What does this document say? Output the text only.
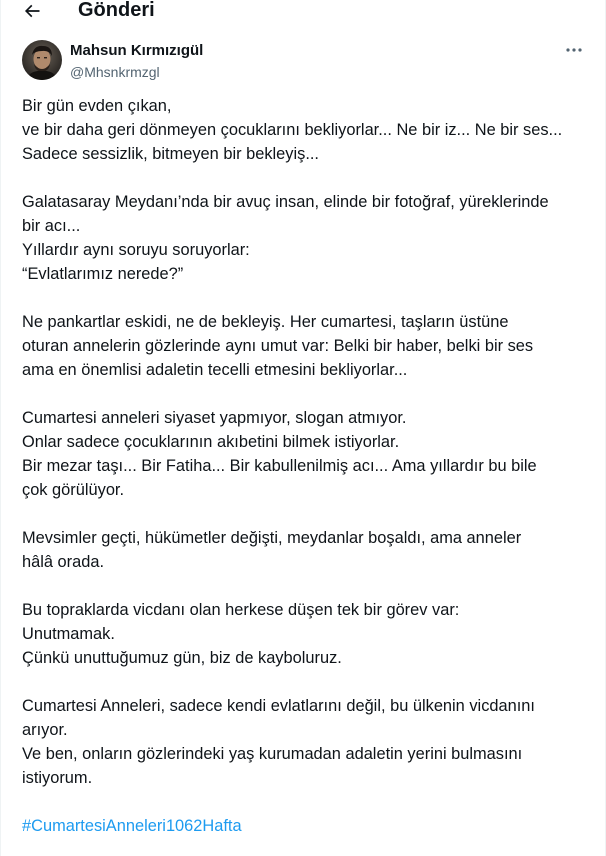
Gönderi
Mahsun Kırmızıgül
@Mhsnkrmzgl
Bir gün evden çıkan,
ve bir daha geri dönmeyen çocuklarını bekliyorlar... Ne bir iz... Ne bir ses...
Sadece sessizlik, bitmeyen bir bekleyiş...
Galatasaray Meydanı’nda bir avuç insan, elinde bir fotoğraf, yüreklerinde
bir acı...
Yıllardır aynı soruyu soruyorlar:
“Evlatlarımız nerede?”
Ne pankartlar eskidi, ne de bekleyiş. Her cumartesi, taşların üstüne
oturan annelerin gözlerinde aynı umut var: Belki bir haber, belki bir ses
ama en önemlisi adaletin tecelli etmesini bekliyorlar...
Cumartesi anneleri siyaset yapmıyor, slogan atmıyor.
Onlar sadece çocuklarının akıbetini bilmek istiyorlar.
Bir mezar taşı... Bir Fatiha... Bir kabullenilmiş acı... Ama yıllardır bu bile
çok görülüyor.
Mevsimler geçti, hükümetler değişti, meydanlar boşaldı, ama anneler
hâlâ orada.
Bu topraklarda vicdanı olan herkese düşen tek bir görev var:
Unutmamak.
Çünkü unuttuğumuz gün, biz de kayboluruz.
Cumartesi Anneleri, sadece kendi evlatlarını değil, bu ülkenin vicdanını
arıyor.
Ve ben, onların gözlerindeki yaş kurumadan adaletin yerini bulmasını
istiyorum.
#CumartesiAnneleri1062Hafta
